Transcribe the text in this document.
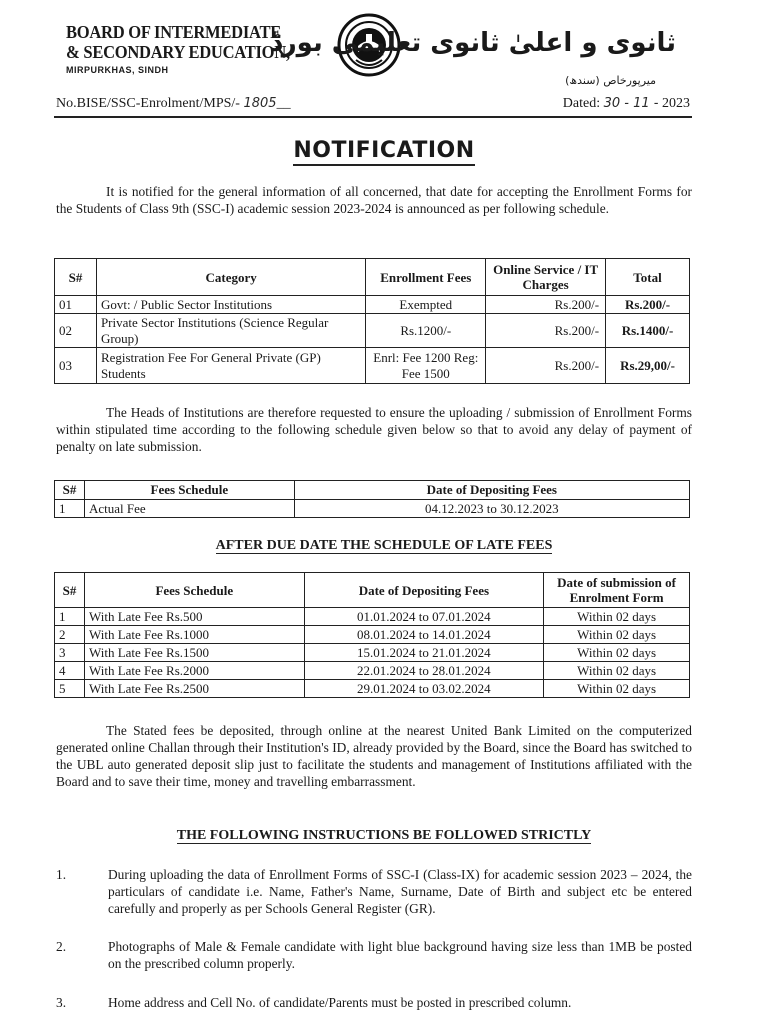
BOARD OF INTERMEDIATE
& SECONDARY EDUCATION,
MIRPURKHAS, SINDH
ثانوی و اعلیٰ ثانوی تعلیمی بورڈ
میرپورخاص (سندھ)
No.BISE/SSC-Enrolment/MPS/- 1805__	Dated: 30 - 11 - 2023
NOTIFICATION
It is notified for the general information of all concerned, that date for accepting the Enrollment Forms for the Students of Class 9th (SSC-I) academic session 2023-2024 is announced as per following schedule.
S#	Category	Enrollment Fees	Online Service / IT Charges	Total
01	Govt: / Public Sector Institutions	Exempted	Rs.200/-	Rs.200/-
02	Private Sector Institutions (Science Regular Group)	Rs.1200/-	Rs.200/-	Rs.1400/-
03	Registration Fee For General Private (GP) Students	Enrl: Fee 1200 Reg: Fee 1500	Rs.200/-	Rs.29,00/-
The Heads of Institutions are therefore requested to ensure the uploading / submission of Enrollment Forms within stipulated time according to the following schedule given below so that to avoid any delay of payment of penalty on late submission.
S#	Fees Schedule	Date of Depositing Fees
1	Actual Fee	04.12.2023 to 30.12.2023
AFTER DUE DATE THE SCHEDULE OF LATE FEES
S#	Fees Schedule	Date of Depositing Fees	Date of submission of Enrolment Form
1	With Late Fee Rs.500	01.01.2024 to 07.01.2024	Within 02 days
2	With Late Fee Rs.1000	08.01.2024 to 14.01.2024	Within 02 days
3	With Late Fee Rs.1500	15.01.2024 to 21.01.2024	Within 02 days
4	With Late Fee Rs.2000	22.01.2024 to 28.01.2024	Within 02 days
5	With Late Fee Rs.2500	29.01.2024 to 03.02.2024	Within 02 days
The Stated fees be deposited, through online at the nearest United Bank Limited on the computerized generated online Challan through their Institution's ID, already provided by the Board, since the Board has switched to the UBL auto generated deposit slip just to facilitate the students and management of Institutions affiliated with the Board and to save their time, money and travelling embarrassment.
THE FOLLOWING INSTRUCTIONS BE FOLLOWED STRICTLY
1.	During uploading the data of Enrollment Forms of SSC-I (Class-IX) for academic session 2023 – 2024, the particulars of candidate i.e. Name, Father's Name, Surname, Date of Birth and subject etc be entered carefully and properly as per Schools General Register (GR).
2.	Photographs of Male & Female candidate with light blue background having size less than 1MB be posted on the prescribed column properly.
3.	Home address and Cell No. of candidate/Parents must be posted in prescribed column.
